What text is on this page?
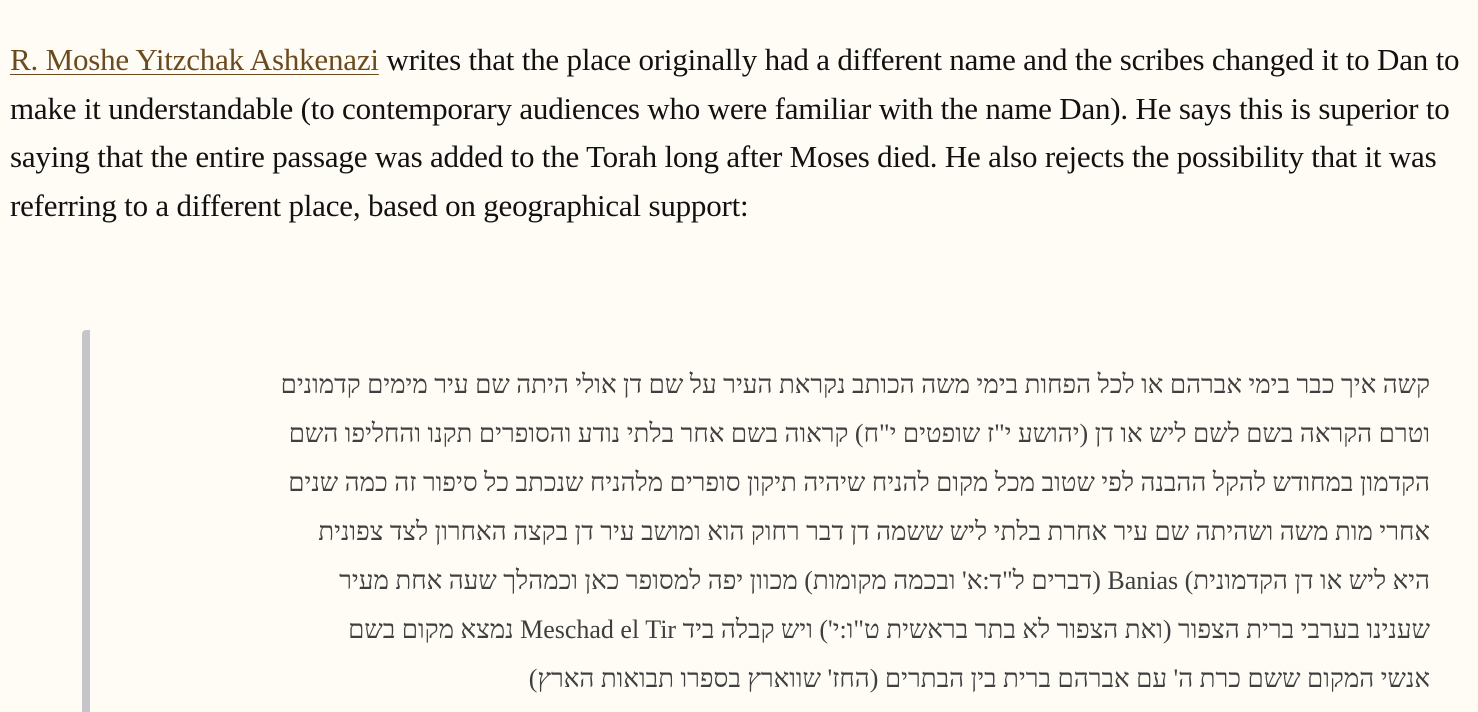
R. Moshe Yitzchak Ashkenazi writes that the place originally had a different name and the scribes changed it to Dan to make it understandable (to contemporary audiences who were familiar with the name Dan). He says this is superior to saying that the entire passage was added to the Torah long after Moses died. He also rejects the possibility that it was referring to a different place, based on geographical support:

קשה איך כבר בימי אברהם או לכל הפחות בימי משה הכותב נקראת העיר על שם דן אולי היתה שם עיר מימים קדמונים
וטרם הקראה בשם לשם ליש או דן (יהושע י"ז שופטים י"ח) קראוה בשם אחר בלתי נודע והסופרים תקנו והחליפו השם
הקדמון במחודש להקל ההבנה לפי שטוב מכל מקום להניח שיהיה תיקון סופרים מלהניח שנכתב כל סיפור זה כמה שנים
אחרי מות משה ושהיתה שם עיר אחרת בלתי ליש ששמה דן דבר רחוק הוא ומושב עיר דן בקצה האחרון לצד צפונית
היא ליש או דן הקדמונית) Banias (דברים ל"ד:א' ובכמה מקומות) מכוון יפה למסופר כאן וכמהלך שעה אחת מעיר
שענינו בערבי ברית הצפור (ואת הצפור לא בתר בראשית ט"ו:י') ויש קבלה ביד Meschad el Tir נמצא מקום בשם
אנשי המקום ששם כרת ה' עם אברהם ברית בין הבתרים (החז' שווארץ בספרו תבואות הארץ)
